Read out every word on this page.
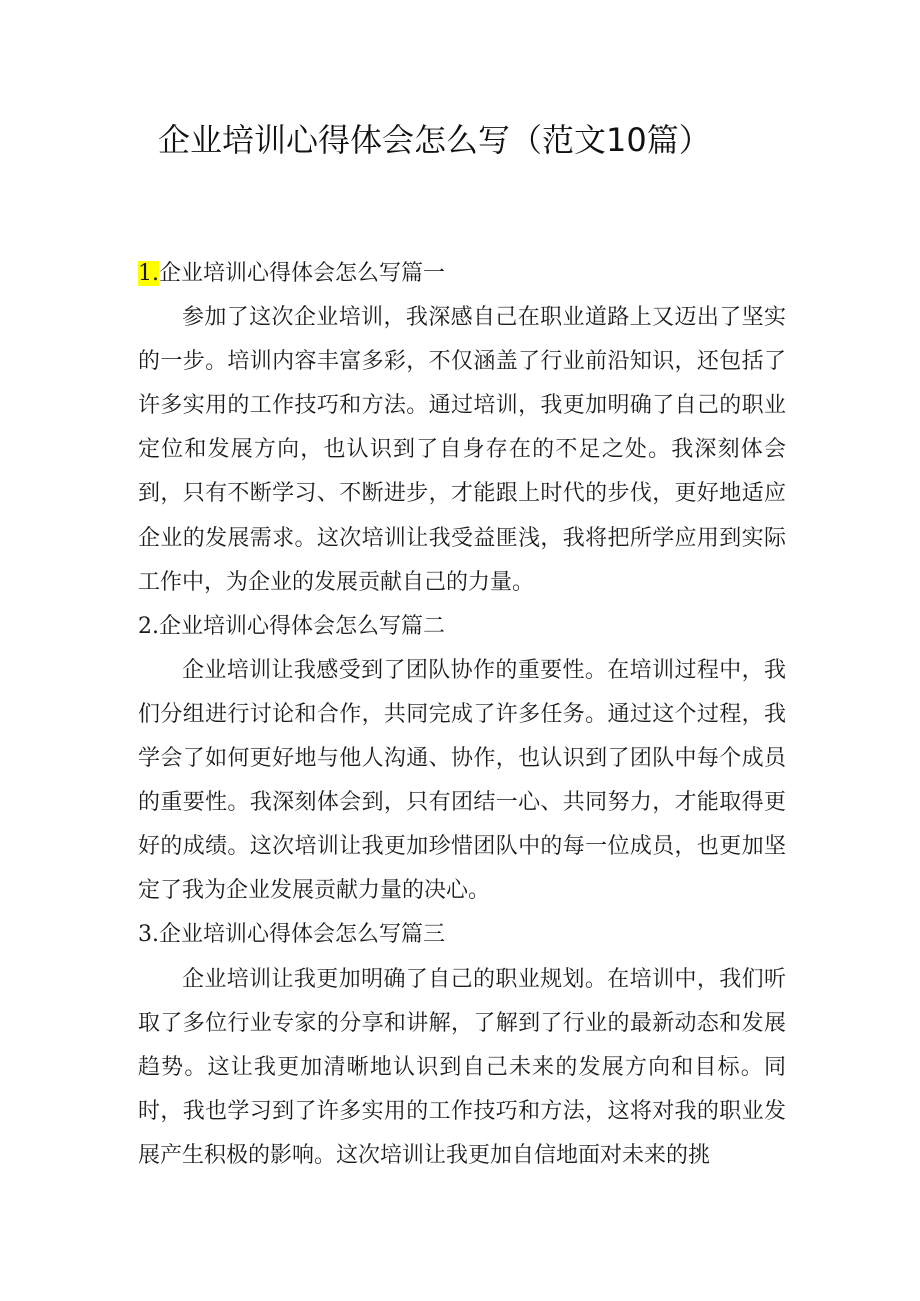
企业培训心得体会怎么写（范文10篇）

1.企业培训心得体会怎么写篇一

参加了这次企业培训，我深感自己在职业道路上又迈出了坚实的一步。培训内容丰富多彩，不仅涵盖了行业前沿知识，还包括了许多实用的工作技巧和方法。通过培训，我更加明确了自己的职业定位和发展方向，也认识到了自身存在的不足之处。我深刻体会到，只有不断学习、不断进步，才能跟上时代的步伐，更好地适应企业的发展需求。这次培训让我受益匪浅，我将把所学应用到实际工作中，为企业的发展贡献自己的力量。

2.企业培训心得体会怎么写篇二

企业培训让我感受到了团队协作的重要性。在培训过程中，我们分组进行讨论和合作，共同完成了许多任务。通过这个过程，我学会了如何更好地与他人沟通、协作，也认识到了团队中每个成员的重要性。我深刻体会到，只有团结一心、共同努力，才能取得更好的成绩。这次培训让我更加珍惜团队中的每一位成员，也更加坚定了我为企业发展贡献力量的决心。

3.企业培训心得体会怎么写篇三

企业培训让我更加明确了自己的职业规划。在培训中，我们听取了多位行业专家的分享和讲解，了解到了行业的最新动态和发展趋势。这让我更加清晰地认识到自己未来的发展方向和目标。同时，我也学习到了许多实用的工作技巧和方法，这将对我的职业发展产生积极的影响。这次培训让我更加自信地面对未来的挑
